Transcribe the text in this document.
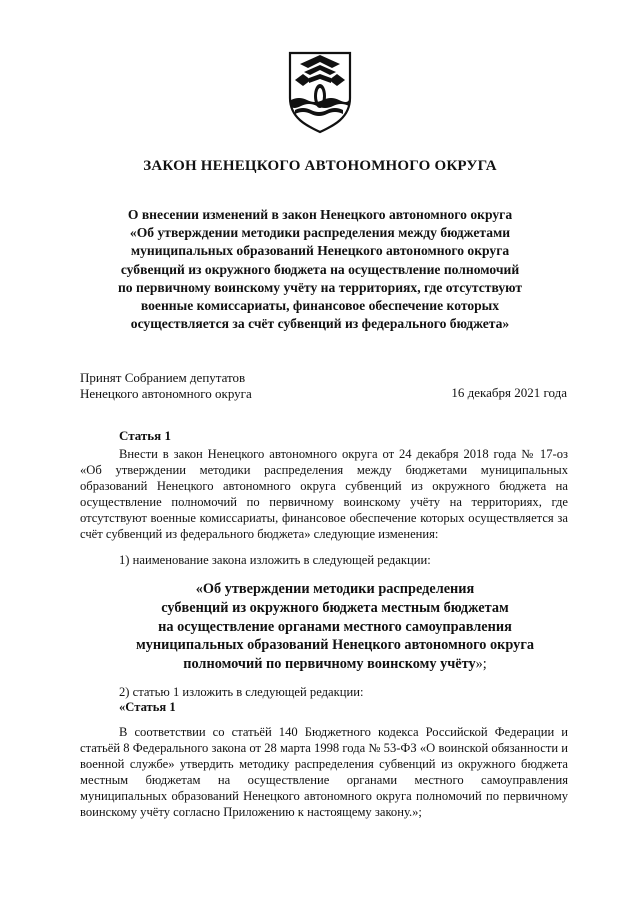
ЗАКОН НЕНЕЦКОГО АВТОНОМНОГО ОКРУГА
О внесении изменений в закон Ненецкого автономного округа
«Об утверждении методики распределения между бюджетами
муниципальных образований Ненецкого автономного округа
субвенций из окружного бюджета на осуществление полномочий
по первичному воинскому учёту на территориях, где отсутствуют
военные комиссариаты, финансовое обеспечение которых
осуществляется за счёт субвенций из федерального бюджета»
Принят Собранием депутатов
Ненецкого автономного округа	16 декабря 2021 года
Статья 1

Внести в закон Ненецкого автономного округа от 24 декабря 2018 года № 17-оз «Об утверждении методики распределения между бюджетами муниципальных образований Ненецкого автономного округа субвенций из окружного бюджета на осуществление полномочий по первичному воинскому учёту на территориях, где отсутствуют военные комиссариаты, финансовое обеспечение которых осуществляется за счёт субвенций из федерального бюджета» следующие изменения:

1) наименование закона изложить в следующей редакции:

«Об утверждении методики распределения
субвенций из окружного бюджета местным бюджетам
на осуществление органами местного самоуправления
муниципальных образований Ненецкого автономного округа
полномочий по первичному воинскому учёту»;

2) статью 1 изложить в следующей редакции:

«Статья 1

В соответствии со статьёй 140 Бюджетного кодекса Российской Федерации и статьёй 8 Федерального закона от 28 марта 1998 года № 53-ФЗ «О воинской обязанности и военной службе» утвердить методику распределения субвенций из окружного бюджета местным бюджетам на осуществление органами местного самоуправления муниципальных образований Ненецкого автономного округа полномочий по первичному воинскому учёту согласно Приложению к настоящему закону.»;
